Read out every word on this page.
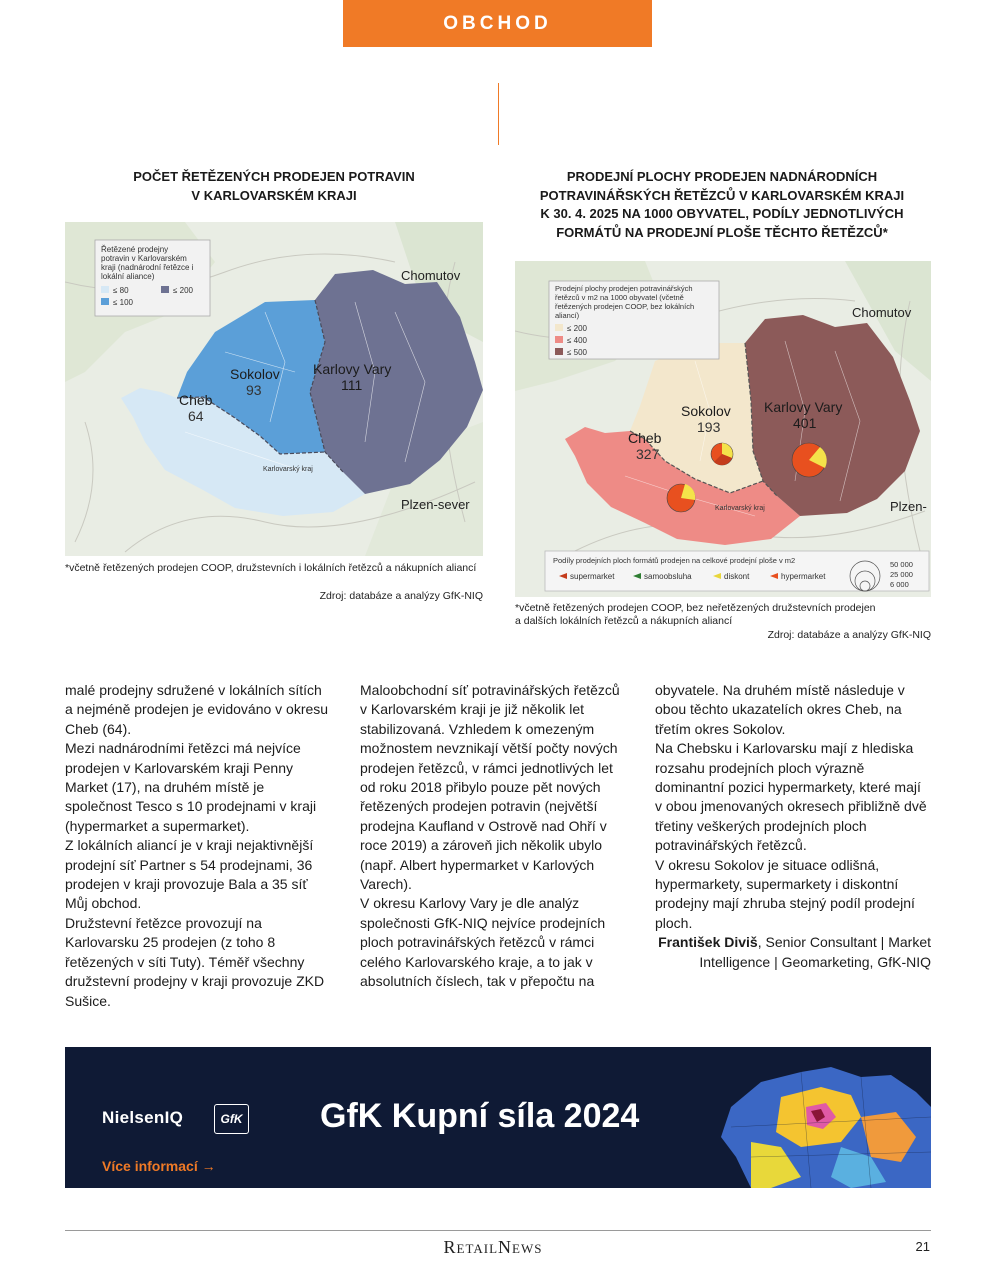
OBCHOD
POČET ŘETĚZENÝCH PRODEJEN POTRAVIN
V KARLOVARSKÉM KRAJI
Řetězené prodejny
potravin v Karlovarském
kraji (nadnárodní řetězce i
lokální aliance)
≤ 80
≤ 100
≤ 200
Chomutov
Plzen-sever
Sokolov
93
Karlovy Vary
111
Cheb
64
Karlovarský kraj
*včetně řetězených prodejen COOP, družstevních i lokálních řetězců a nákupních aliancí
Zdroj: databáze a analýzy GfK-NIQ
PRODEJNÍ PLOCHY PRODEJEN NADNÁRODNÍCH
POTRAVINÁŘSKÝCH ŘETĚZCŮ V KARLOVARSKÉM KRAJI
K 30. 4. 2025 NA 1000 OBYVATEL, PODÍLY JEDNOTLIVÝCH
FORMÁTŮ NA PRODEJNÍ PLOŠE TĚCHTO ŘETĚZCŮ*
Prodejní plochy prodejen potravinářských
řetězců v m2 na 1000 obyvatel (včetně
řetězených prodejen COOP, bez lokálních
aliancí)
≤ 200
≤ 400
≤ 500
Chomutov
Plzen-
Sokolov
193
Karlovy Vary
401
Cheb
327
Karlovarský kraj
Podíly prodejních ploch formátů prodejen na celkové prodejní ploše v m2
supermarket	samoobsluha	diskont	hypermarket
50 000
25 000
6 000
*včetně řetězených prodejen COOP, bez neřetězených družstevních prodejen
a dalších lokálních řetězců a nákupních aliancí
Zdroj: databáze a analýzy GfK-NIQ

malé prodejny sdružené v lokálních sítích a nejméně prodejen je evidováno v okresu Cheb (64).

Mezi nadnárodními řetězci má nejvíce prodejen v Karlovarském kraji Penny Market (17), na druhém místě je společnost Tesco s 10 prodejnami v kraji (hypermarket a supermarket).

Z lokálních aliancí je v kraji nejaktivnější prodejní síť Partner s 54 prodejnami, 36 prodejen v kraji provozuje Bala a 35 síť Můj obchod.

Družstevní řetězce provozují na Karlovarsku 25 prodejen (z toho 8 řetězených v síti Tuty). Téměř všechny družstevní prodejny v kraji provozuje ZKD Sušice.

Maloobchodní síť potravinářských řetězců v Karlovarském kraji je již několik let stabilizovaná. Vzhledem k omezeným možnostem nevznikají větší počty nových prodejen řetězců, v rámci jednotlivých let od roku 2018 přibylo pouze pět nových řetězených prodejen potravin (největší prodejna Kaufland v Ostrově nad Ohří v roce 2019) a zároveň jich několik ubylo (např. Albert hypermarket v Karlových Varech).

V okresu Karlovy Vary je dle analýz společnosti GfK-NIQ nejvíce prodejních ploch potravinářských řetězců v rámci celého Karlovarského kraje, a to jak v absolutních číslech, tak v přepočtu na

obyvatele. Na druhém místě následuje v obou těchto ukazatelích okres Cheb, na třetím okres Sokolov.

Na Chebsku i Karlovarsku mají z hlediska rozsahu prodejních ploch výrazně dominantní pozici hypermarkety, které mají v obou jmenovaných okresech přibližně dvě třetiny veškerých prodejních ploch potravinářských řetězců.

V okresu Sokolov je situace odlišná, hypermarkety, supermarkety i diskontní prodejny mají zhruba stejný podíl prodejní ploch.

František Diviš, Senior Consultant | Market Intelligence | Geomarketing, GfK-NIQ

NielsenIQ	GfK GfK Kupní síla 2024
Více informací →
RetailNews	21
